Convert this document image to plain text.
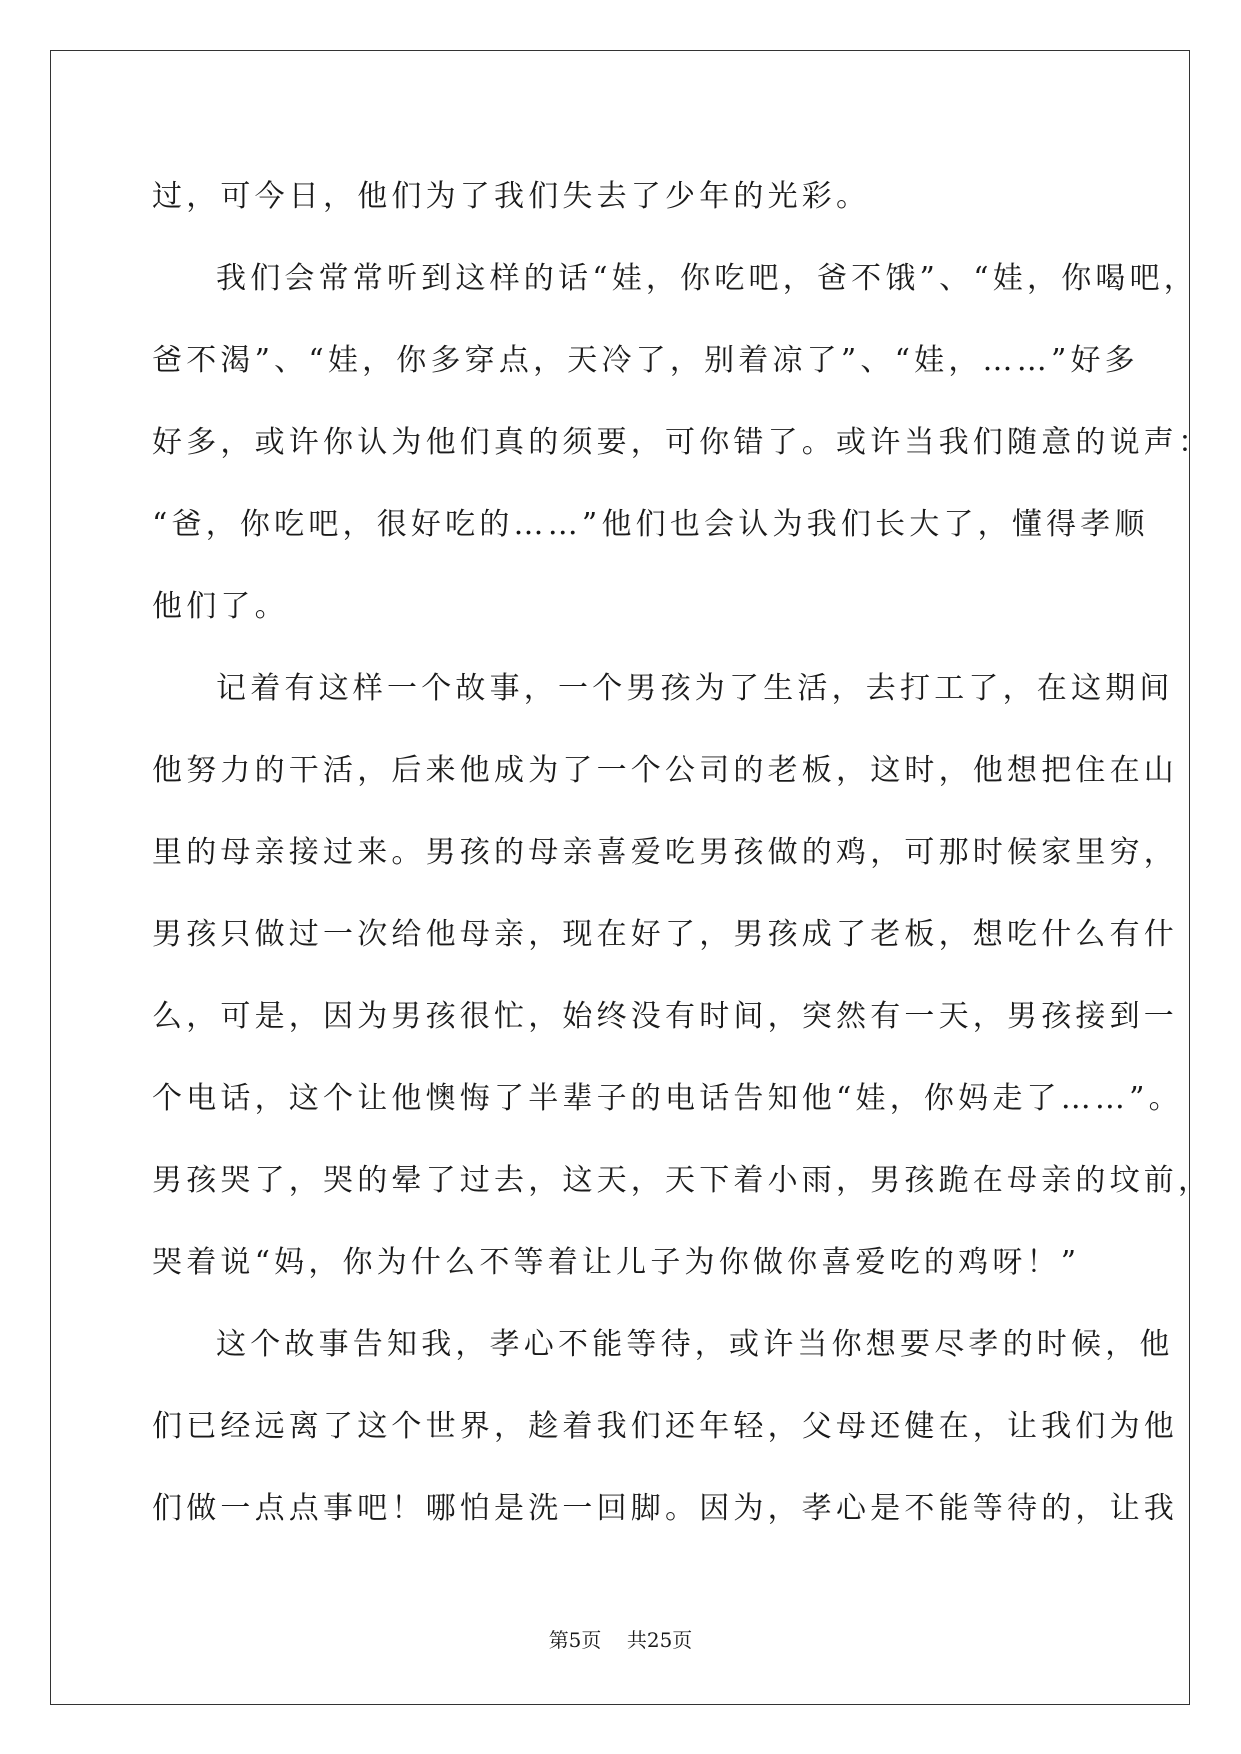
过，可今日，他们为了我们失去了少年的光彩。
我们会常常听到这样的话“娃，你吃吧，爸不饿”、“娃，你喝吧，
爸不渴”、“娃，你多穿点，天冷了，别着凉了”、“娃，……”好多
好多，或许你认为他们真的须要，可你错了。或许当我们随意的说声：
“爸，你吃吧，很好吃的……”他们也会认为我们长大了，懂得孝顺
他们了。
记着有这样一个故事，一个男孩为了生活，去打工了，在这期间
他努力的干活，后来他成为了一个公司的老板，这时，他想把住在山
里的母亲接过来。男孩的母亲喜爱吃男孩做的鸡，可那时候家里穷，
男孩只做过一次给他母亲，现在好了，男孩成了老板，想吃什么有什
么，可是，因为男孩很忙，始终没有时间，突然有一天，男孩接到一
个电话，这个让他懊悔了半辈子的电话告知他“娃，你妈走了……”。
男孩哭了，哭的晕了过去，这天，天下着小雨，男孩跪在母亲的坟前，
哭着说“妈，你为什么不等着让儿子为你做你喜爱吃的鸡呀！”
这个故事告知我，孝心不能等待，或许当你想要尽孝的时候，他
们已经远离了这个世界，趁着我们还年轻，父母还健在，让我们为他
们做一点点事吧！哪怕是洗一回脚。因为，孝心是不能等待的，让我
第5页 共25页
